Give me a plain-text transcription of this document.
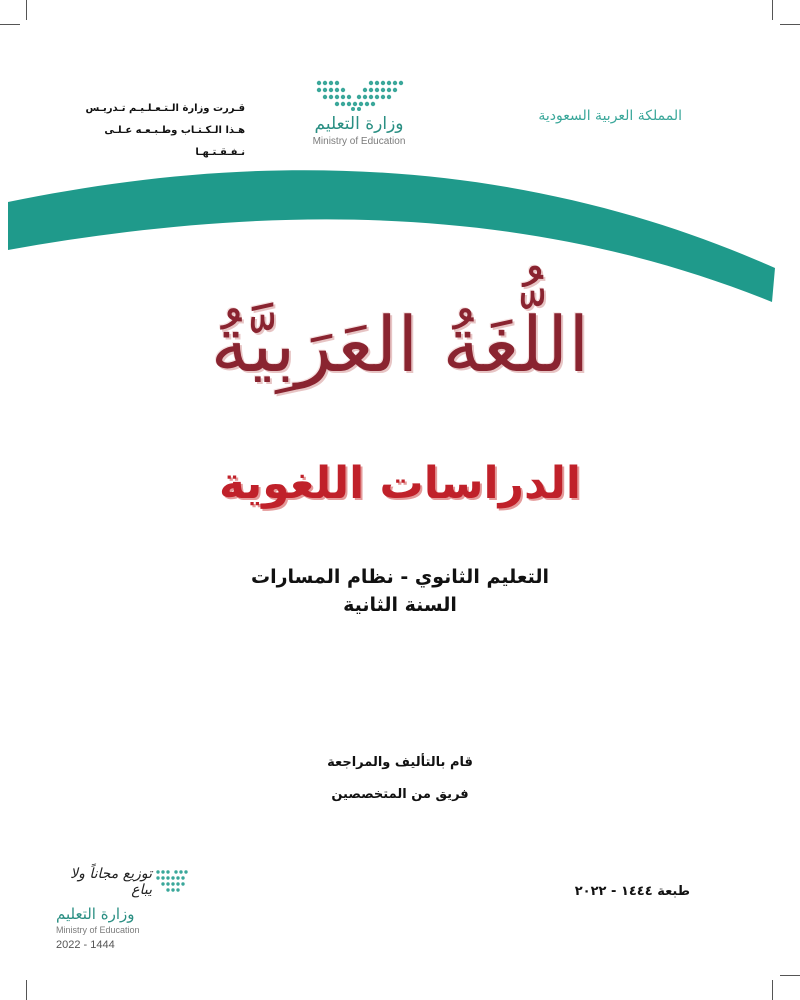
المملكة العربية السعودية
وزارة التعليم
Ministry of Education
قـررت وزارة الـتـعـلـيـم تـدريـس
هـذا الـكـتـاب وطـبـعـه عـلـى نـفـقـتـهـا
اللُّغَةُ العَرَبِيَّةُ
الدراسات اللغوية
التعليم الثانوي - نظام المسارات
السنة الثانية
قام بالتأليف والمراجعة
فريق من المتخصصين
طبعة ١٤٤٤ - ٢٠٢٢
توزيع مجاناً ولا يباع
وزارة التعليم
Ministry of Education
2022 - 1444
